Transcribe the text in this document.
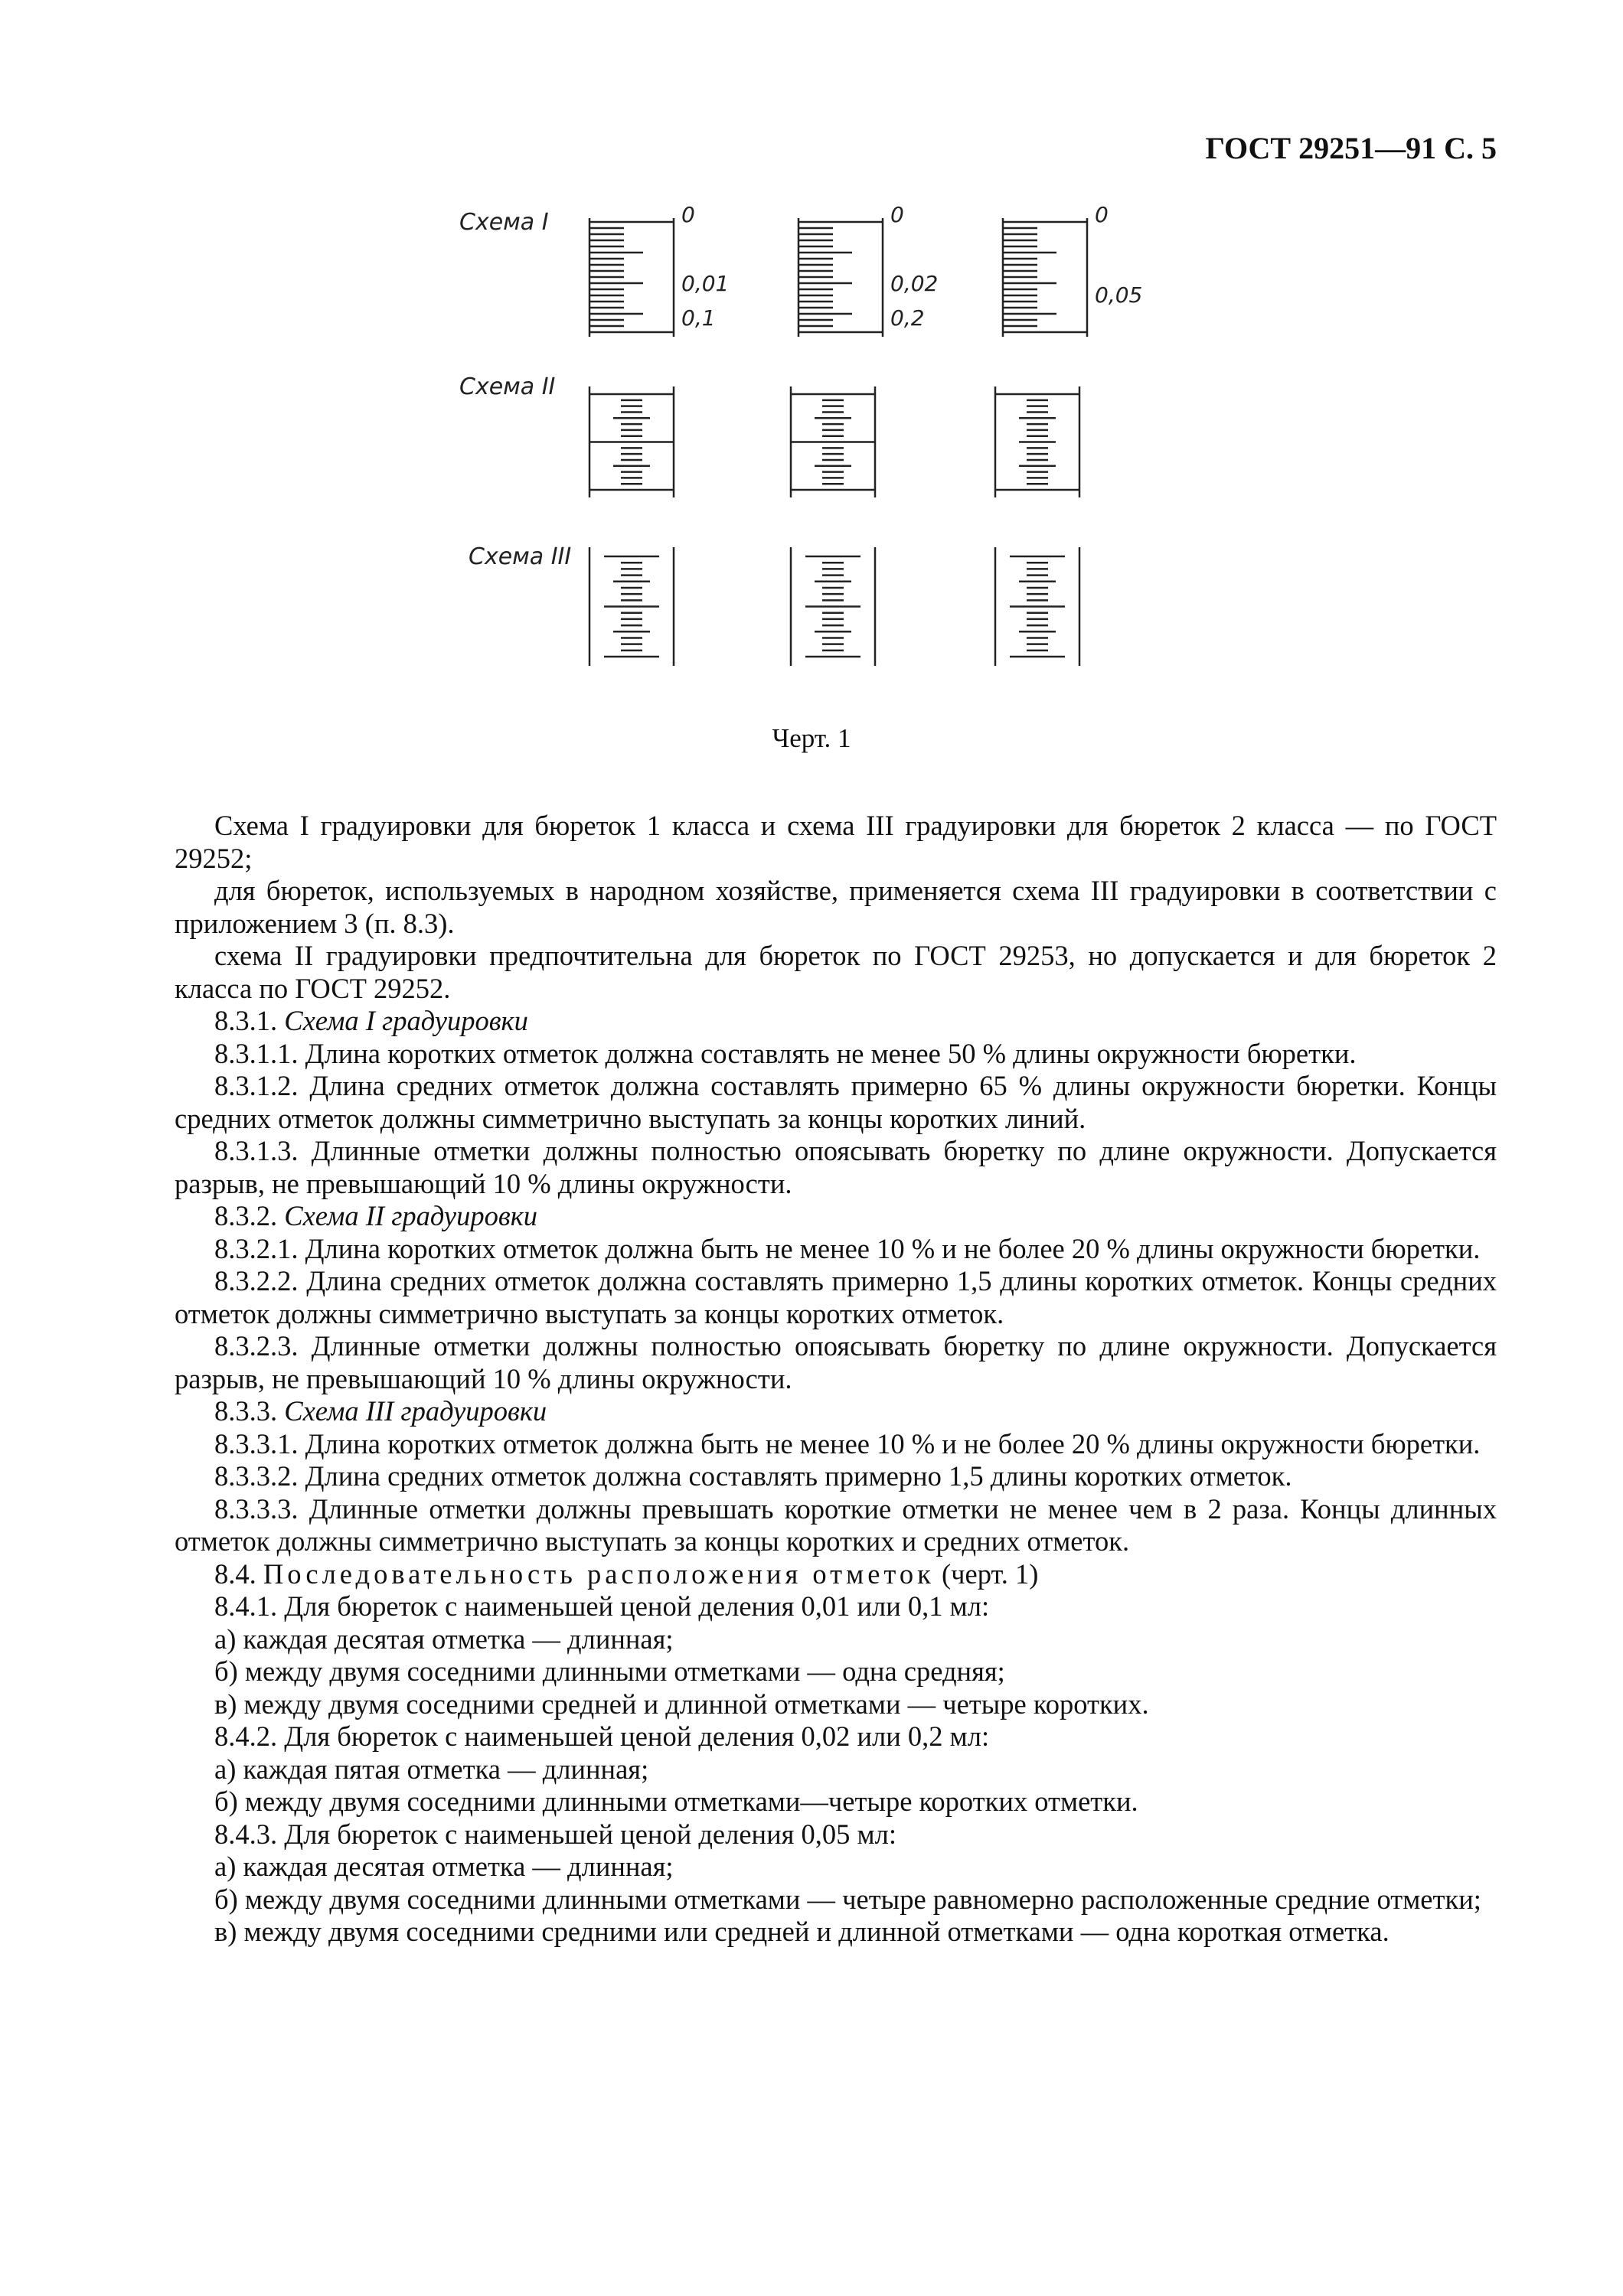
ГОСТ 29251—91 С. 5
Схема I
Схема II
Схема III
0
0,01
0,1
0
0,02
0,2
0
0,05
Черт. 1

Схема I градуировки для бюреток 1 класса и схема III градуировки для бюреток 2 класса — по ГОСТ 29252;

для бюреток, используемых в народном хозяйстве, применяется схема III градуировки в соответствии с приложением 3 (п. 8.3).

схема II градуировки предпочтительна для бюреток по ГОСТ 29253, но допускается и для бюреток 2 класса по ГОСТ 29252.

8.3.1. Схема I градуировки

8.3.1.1. Длина коротких отметок должна составлять не менее 50 % длины окружности бюретки.

8.3.1.2. Длина средних отметок должна составлять примерно 65 % длины окружности бюретки. Концы средних отметок должны симметрично выступать за концы коротких линий.

8.3.1.3. Длинные отметки должны полностью опоясывать бюретку по длине окружности. Допускается разрыв, не превышающий 10 % длины окружности.

8.3.2. Схема II градуировки

8.3.2.1. Длина коротких отметок должна быть не менее 10 % и не более 20 % длины окружности бюретки.

8.3.2.2. Длина средних отметок должна составлять примерно 1,5 длины коротких отметок. Концы средних отметок должны симметрично выступать за концы коротких отметок.

8.3.2.3. Длинные отметки должны полностью опоясывать бюретку по длине окружности. Допускается разрыв, не превышающий 10 % длины окружности.

8.3.3. Схема III градуировки

8.3.3.1. Длина коротких отметок должна быть не менее 10 % и не более 20 % длины окружности бюретки.

8.3.3.2. Длина средних отметок должна составлять примерно 1,5 длины коротких отметок.

8.3.3.3. Длинные отметки должны превышать короткие отметки не менее чем в 2 раза. Концы длинных отметок должны симметрично выступать за концы коротких и средних отметок.

8.4. Последовательность расположения отметок (черт. 1)

8.4.1. Для бюреток с наименьшей ценой деления 0,01 или 0,1 мл:

а) каждая десятая отметка — длинная;

б) между двумя соседними длинными отметками — одна средняя;

в) между двумя соседними средней и длинной отметками — четыре коротких.

8.4.2. Для бюреток с наименьшей ценой деления 0,02 или 0,2 мл:

а) каждая пятая отметка — длинная;

б) между двумя соседними длинными отметками—четыре коротких отметки.

8.4.3. Для бюреток с наименьшей ценой деления 0,05 мл:

а) каждая десятая отметка — длинная;

б) между двумя соседними длинными отметками — четыре равномерно расположенные средние отметки;

в) между двумя соседними средними или средней и длинной отметками — одна короткая отметка.
